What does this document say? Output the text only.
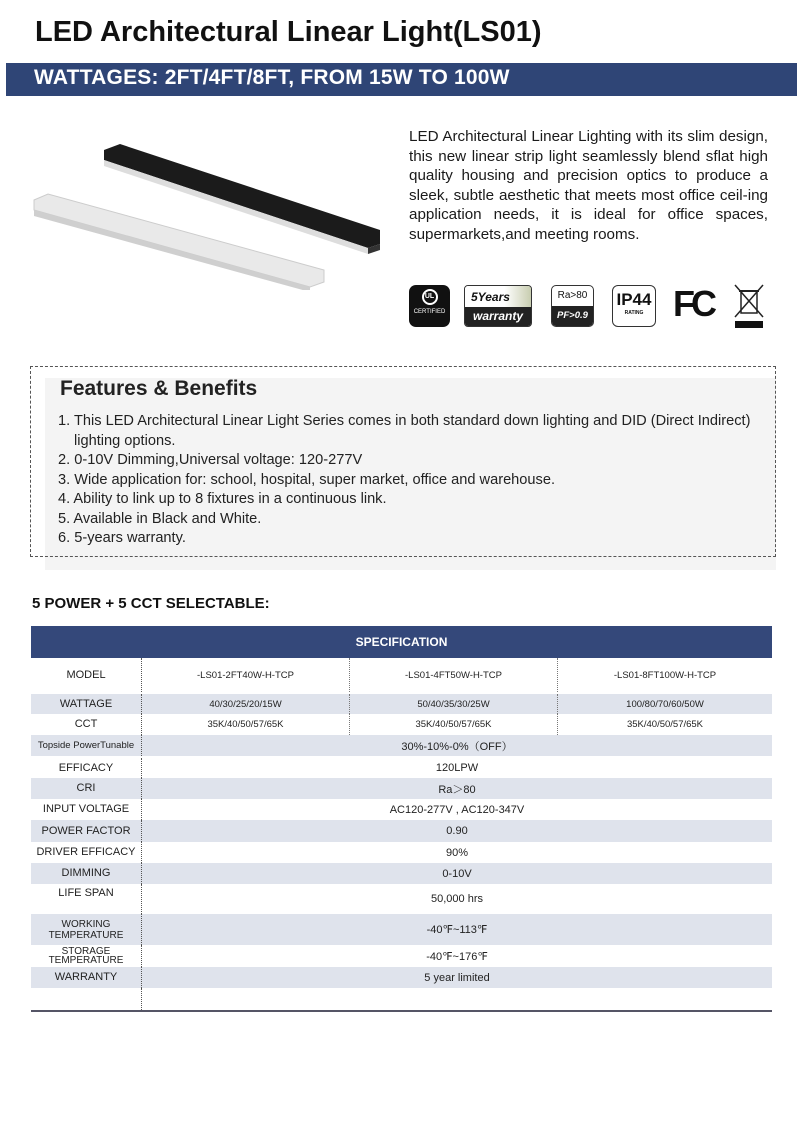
LED Architectural Linear Light(LS01)
WATTAGES: 2FT/4FT/8FT, FROM 15W TO 100W
LED Architectural Linear Lighting with its slim design, this new linear strip light seamlessly blend sflat high quality housing and precision optics to produce a sleek, subtle aesthetic that meets most office ceil-ing application needs, it is ideal for office spaces, supermarkets,and meeting rooms.
UL
CERTIFIED
5Years
warranty
Ra>80
PF>0.9
IP44
RATING FC
Features & Benefits
1. This LED Architectural Linear Light Series comes in both standard down lighting and DID (Direct Indirect) lighting options.
2. 0-10V Dimming,Universal voltage: 120-277V
3. Wide application for: school, hospital, super market, office and warehouse.
4. Ability to link up to 8 fixtures in a continuous link.
5. Available in Black and White.
6. 5-years warranty.
5 POWER + 5 CCT SELECTABLE:
SPECIFICATION
MODEL	-LS01-2FT40W-H-TCP	-LS01-4FT50W-H-TCP	-LS01-8FT100W-H-TCP
WATTAGE	40/30/25/20/15W	50/40/35/30/25W	100/80/70/60/50W
CCT	35K/40/50/57/65K	35K/40/50/57/65K	35K/40/50/57/65K
Topside PowerTunable	30%-10%-0%（OFF）
EFFICACY	120LPW
CRI	Ra＞80
INPUT VOLTAGE	AC120-277V , AC120-347V
POWER FACTOR	0.90
DRIVER EFFICACY	90%
DIMMING	0-10V
LIFE SPAN	50,000 hrs
WORKING TEMPERATURE	-40℉~113℉
STORAGE TEMPERATURE	-40℉~176℉
WARRANTY	5 year limited
